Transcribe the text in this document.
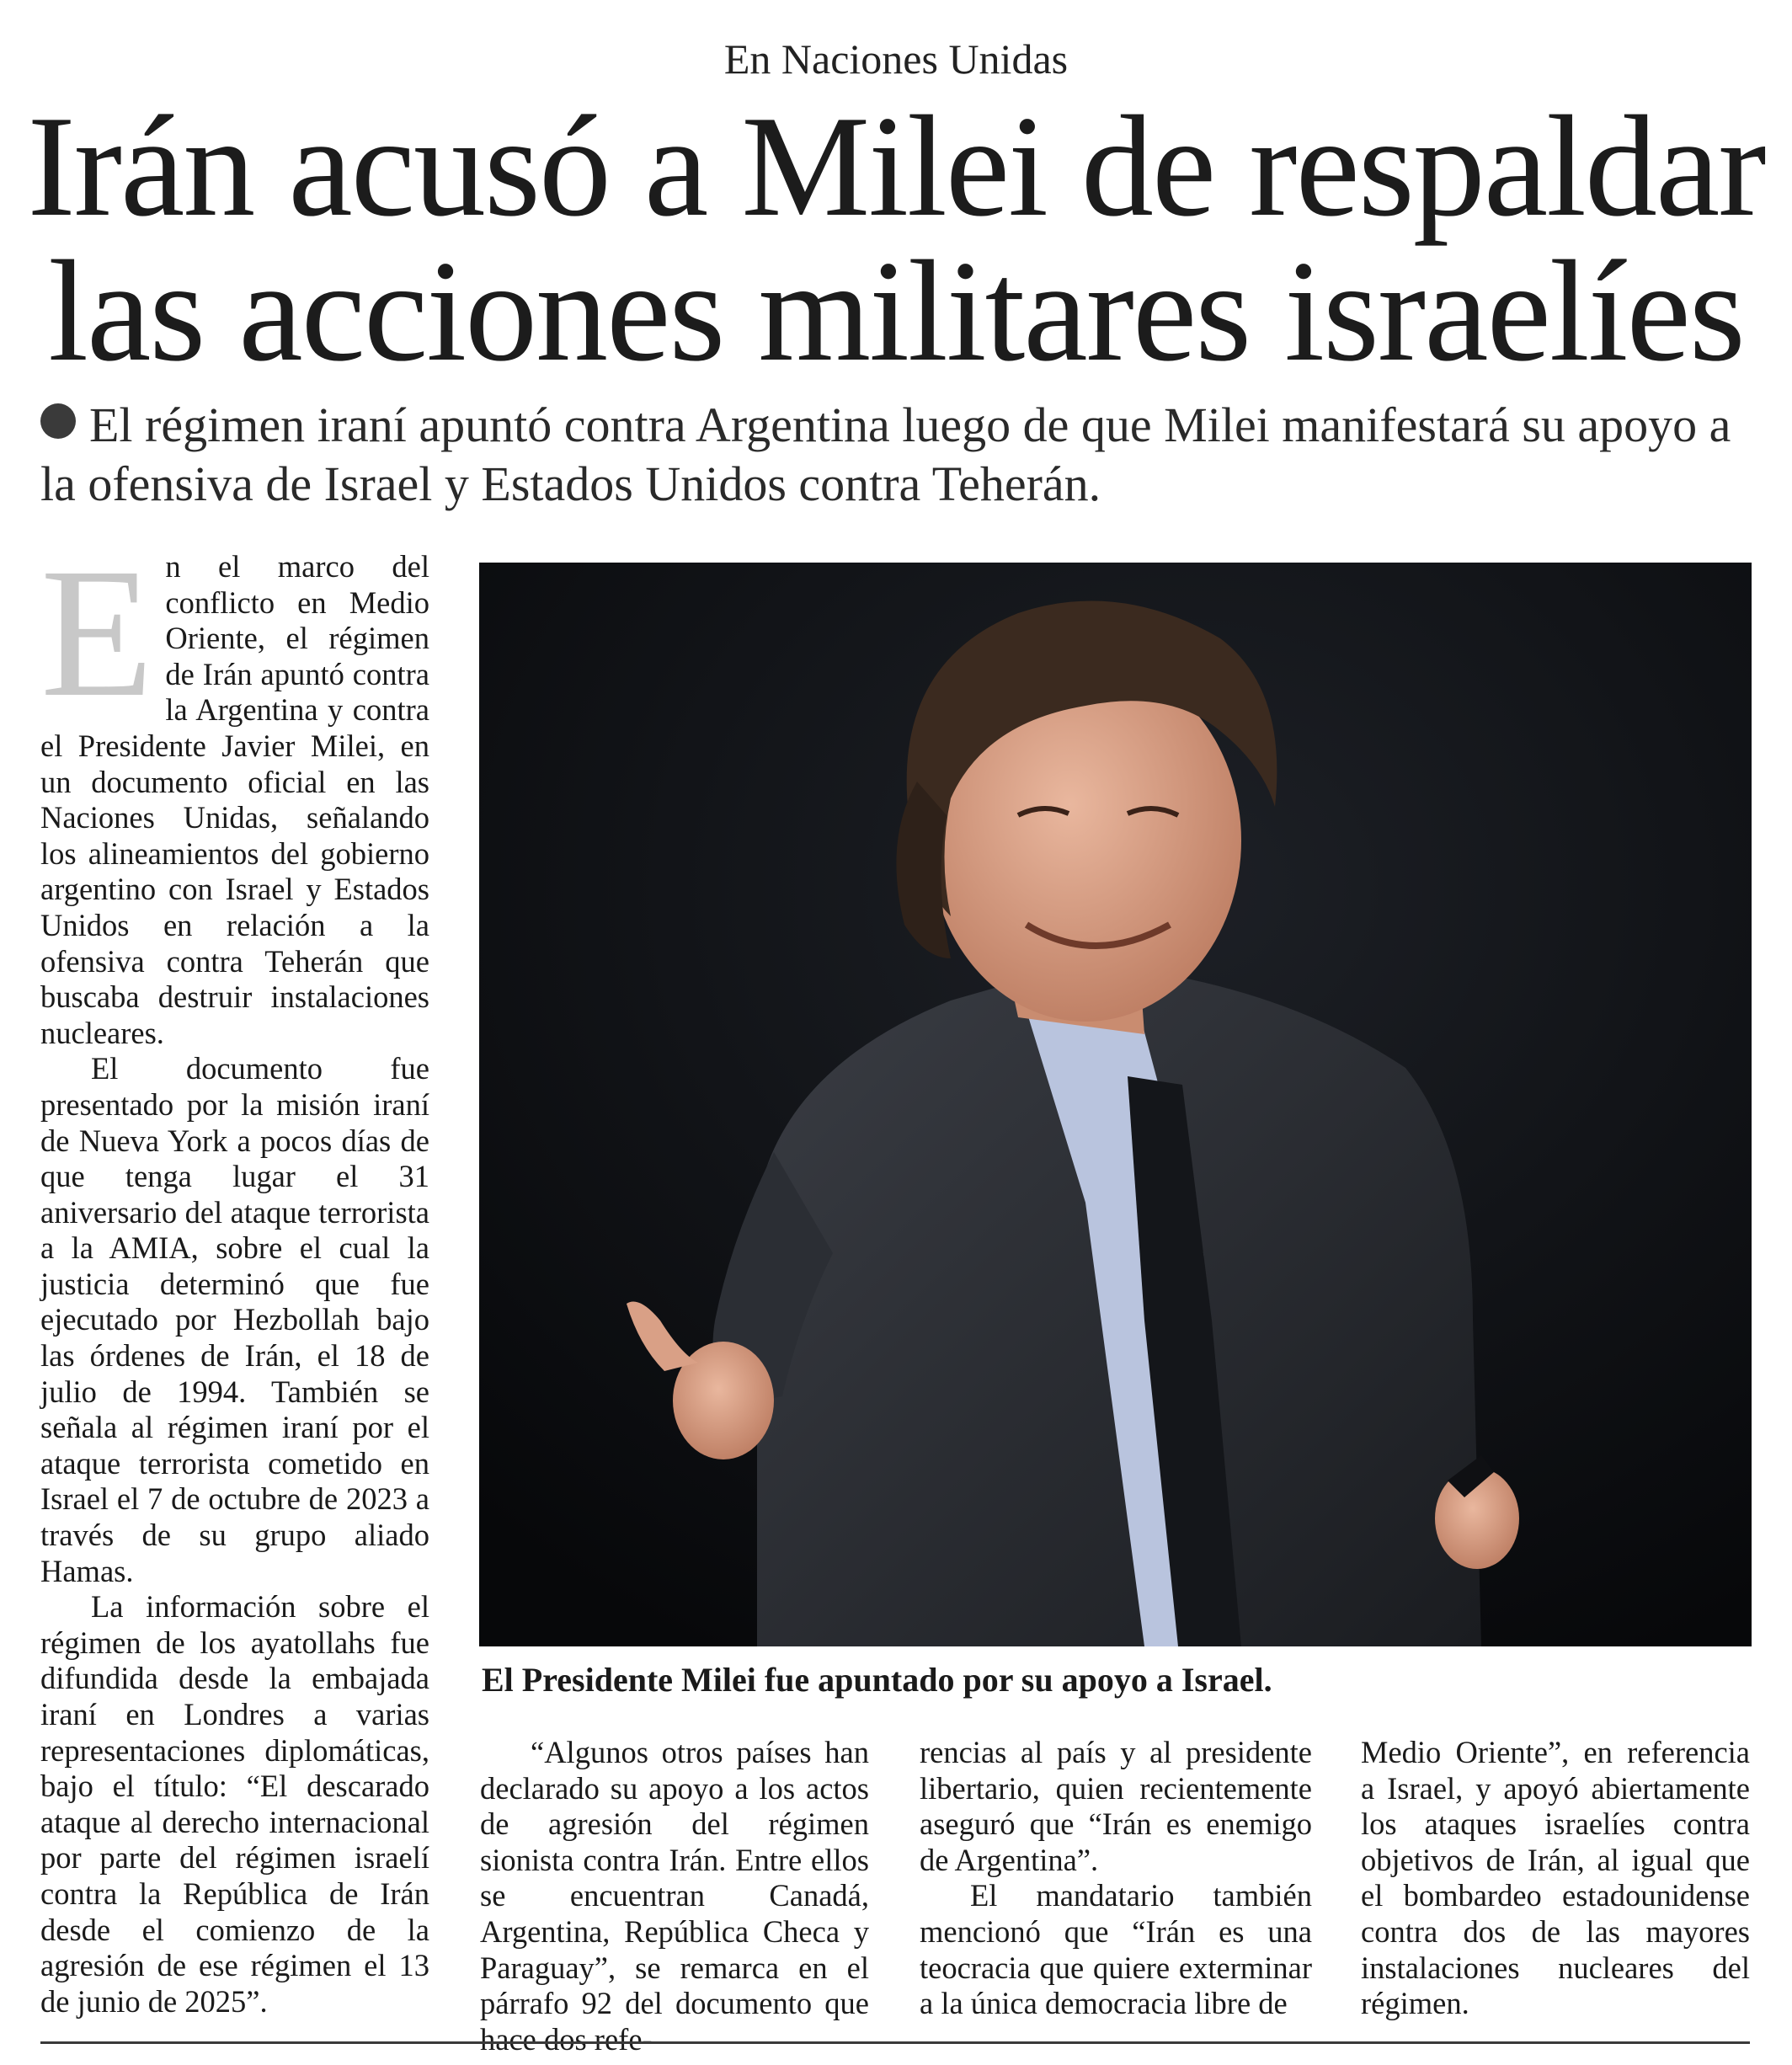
En Naciones Unidas
Irán acusó a Milei de respaldar
las acciones militares israelíes

El régimen iraní apuntó contra Argentina luego de que Milei manifestará su apoyo a la ofensiva de Israel y Estados Unidos contra Teherán.

En el marco del conflicto en Medio Oriente, el régimen de Irán apuntó contra la Argentina y contra el Presidente Javier Milei, en un documento oficial en las Naciones Unidas, señalando los alineamientos del gobierno argentino con Israel y Estados Unidos en relación a la ofensiva contra Teherán que buscaba destruir instalaciones nucleares.

El documento fue presentado por la misión iraní de Nueva York a pocos días de que tenga lugar el 31 aniversario del ataque terrorista a la AMIA, sobre el cual la justicia determinó que fue ejecutado por Hezbollah bajo las órdenes de Irán, el 18 de julio de 1994. También se señala al régimen iraní por el ataque terrorista cometido en Israel el 7 de octubre de 2023 a través de su grupo aliado Hamas.

La información sobre el régimen de los ayatollahs fue difundida desde la embajada iraní en Londres a varias representaciones diplomáticas, bajo el título: “El descarado ataque al derecho internacional por parte del régimen israelí contra la República de Irán desde el comienzo de la agresión de ese régimen el 13 de junio de 2025”.

El Presidente Milei fue apuntado por su apoyo a Israel.

“Algunos otros países han declarado su apoyo a los actos de agresión del régimen sionista contra Irán. Entre ellos se encuentran Canadá, Argentina, República Checa y Paraguay”, se remarca en el párrafo 92 del documento que hace dos refe-

rencias al país y al presidente libertario, quien recientemente aseguró que “Irán es enemigo de Argentina”.

El mandatario también mencionó que “Irán es una teocracia que quiere exterminar a la única democracia libre de

Medio Oriente”, en referencia a Israel, y apoyó abiertamente los ataques israelíes contra objetivos de Irán, al igual que el bombardeo estadounidense contra dos de las mayores instalaciones nucleares del régimen.
